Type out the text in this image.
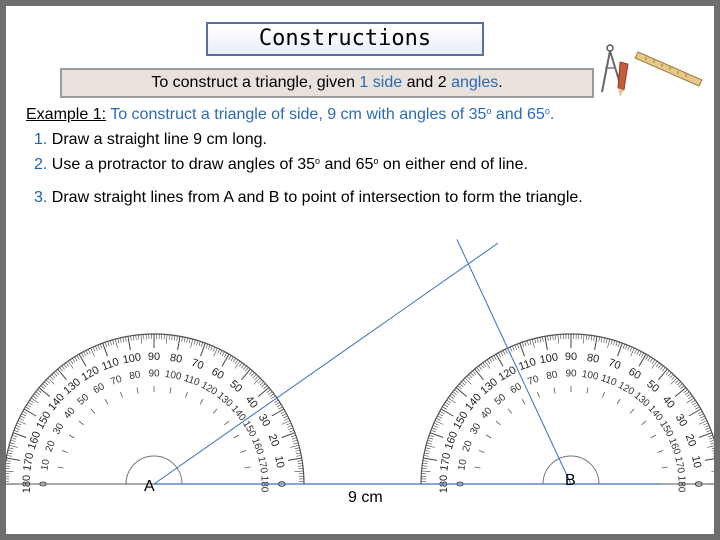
Constructions
To construct a triangle, given 1 side and 2 angles.
Example 1: To construct a triangle of side, 9 cm with angles of 35$^o$ and 65$^o$.
1. Draw a straight line 9 cm long.
2. Use a protractor to draw angles of 35$^o$ and 65$^o$ on either end of line.
3. Draw straight lines from A and B to point of intersection to form the triangle.
180
170
160
150
140
130
120
110 100 90 80 70
60
50
40
30
20
10
0
0
10
20
30
40
50
60
70 80 90 100 110
120
130
140
150
160
170
180	180
170
160
150
140
130
120
110 100 90 80 70
60
50
40
30
20
10
0
0
10
20
30
40
50
60
70 80 90 100 110
120
130
140
150
160
170
180
A	B
9 cm
